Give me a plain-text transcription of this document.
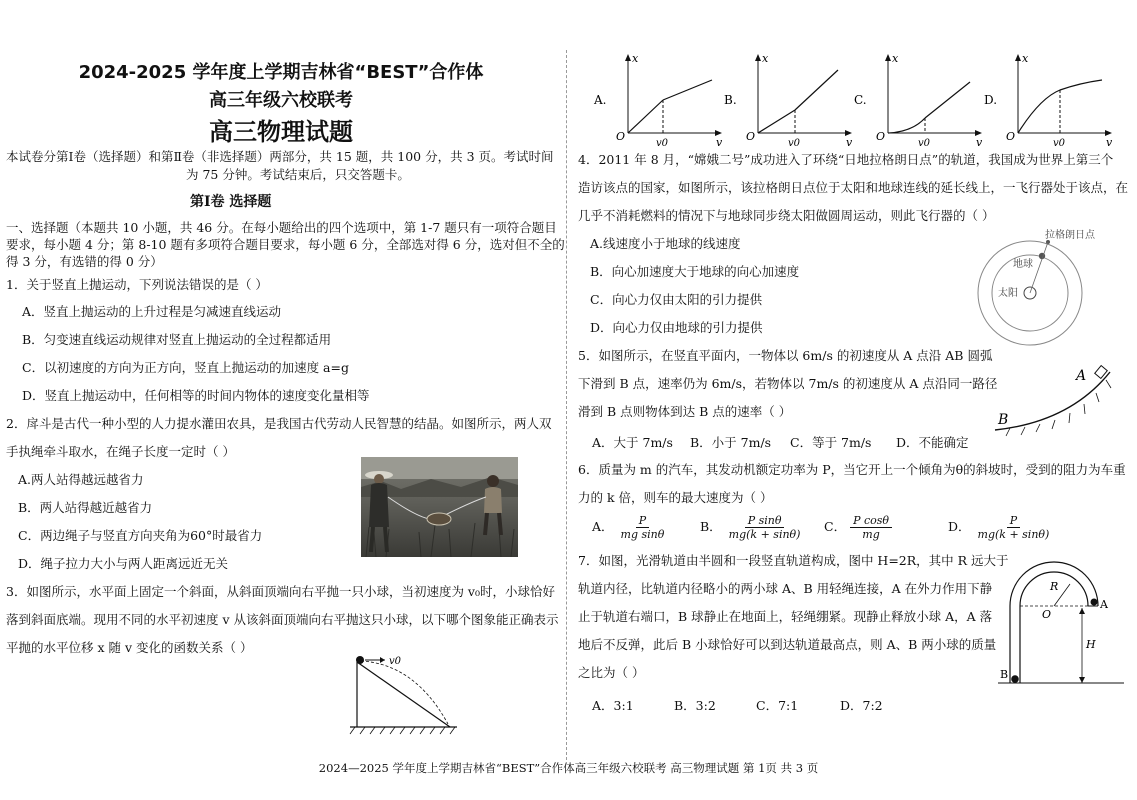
2024-2025 学年度上学期吉林省“BEST”合作体
高三年级六校联考
高三物理试题
本试卷分第Ⅰ卷（选择题）和第Ⅱ卷（非选择题）两部分，共 15 题，共 100 分，共 3 页。考试时间
为 75 分钟。考试结束后，只交答题卡。
第Ⅰ卷 选择题
一、选择题（本题共 10 小题，共 46 分。在每小题给出的四个选项中，第 1-7 题只有一项符合题目
要求，每小题 4 分；第 8-10 题有多项符合题目要求，每小题 6 分，全部选对得 6 分，选对但不全的
得 3 分，有选错的得 0 分）
1．关于竖直上抛运动，下列说法错误的是（ ）
A．竖直上抛运动的上升过程是匀减速直线运动
B．匀变速直线运动规律对竖直上抛运动的全过程都适用
C．以初速度的方向为正方向，竖直上抛运动的加速度 a=g
D．竖直上抛运动中，任何相等的时间内物体的速度变化量相等
2．戽斗是古代一种小型的人力提水灌田农具，是我国古代劳动人民智慧的结晶。如图所示，两人双
手执绳牵斗取水，在绳子长度一定时（ ）
A.两人站得越远越省力
B．两人站得越近越省力
C．两边绳子与竖直方向夹角为60°时最省力
D．绳子拉力大小与两人距离远近无关
3．如图所示，水平面上固定一个斜面，从斜面顶端向右平抛一只小球，当初速度为 v₀时，小球恰好
落到斜面底端。现用不同的水平初速度 v 从该斜面顶端向右平抛这只小球，以下哪个图象能正确表示
平抛的水平位移 x 随 v 变化的函数关系（ ）
v0
A.
x
O	v
v0
B.
x
O	v
v0
C.
x
O	v
v0
D.
x
O	v
v0
4．2011 年 8 月，“嫦娥二号”成功进入了环绕“日地拉格朗日点”的轨道，我国成为世界上第三个
造访该点的国家，如图所示，该拉格朗日点位于太阳和地球连线的延长线上，一飞行器处于该点，在
几乎不消耗燃料的情况下与地球同步绕太阳做圆周运动，则此飞行器的（ ）
A.线速度小于地球的线速度
B．向心加速度大于地球的向心加速度
C．向心力仅由太阳的引力提供
D．向心力仅由地球的引力提供
拉格朗日点
地球
太阳
5．如图所示，在竖直平面内，一物体以 6m/s 的初速度从 A 点沿 AB 圆弧
下滑到 B 点，速率仍为 6m/s，若物体以 7m/s 的初速度从 A 点沿同一路径
滑到 B 点则物体到达 B 点的速率（ ）
A．大于 7m/s B．小于 7m/s C．等于 7m/s D．不能确定
A
B
6．质量为 m 的汽车，其发动机额定功率为 P，当它开上一个倾角为θ的斜坡时，受到的阻力为车重
力的 k 倍，则车的最大速度为（ ）
A． $\frac{P}{\text{mg sinθ}}$	B． $\frac{\text{P sinθ}}{mg(k + \sin\theta)}$ C． $\frac{\text{P cosθ}}{mg}$	D． $\frac{P}{mg(k + \sin\theta)}$
7．如图，光滑轨道由半圆和一段竖直轨道构成，图中 H=2R，其中 R 远大于
轨道内径，比轨道内径略小的两小球 A、B 用轻绳连接，A 在外力作用下静
止于轨道右端口，B 球静止在地面上，轻绳绷紧。现静止释放小球 A，A 落
地后不反弹，此后 B 小球恰好可以到达轨道最高点，则 A、B 两小球的质量
之比为（ ）
A．3:1	B．3:2	C．7:1	D．7:2
R
O
A
H
B
2024—2025 学年度上学期吉林省“BEST”合作体高三年级六校联考 高三物理试题 第 1页 共 3 页
